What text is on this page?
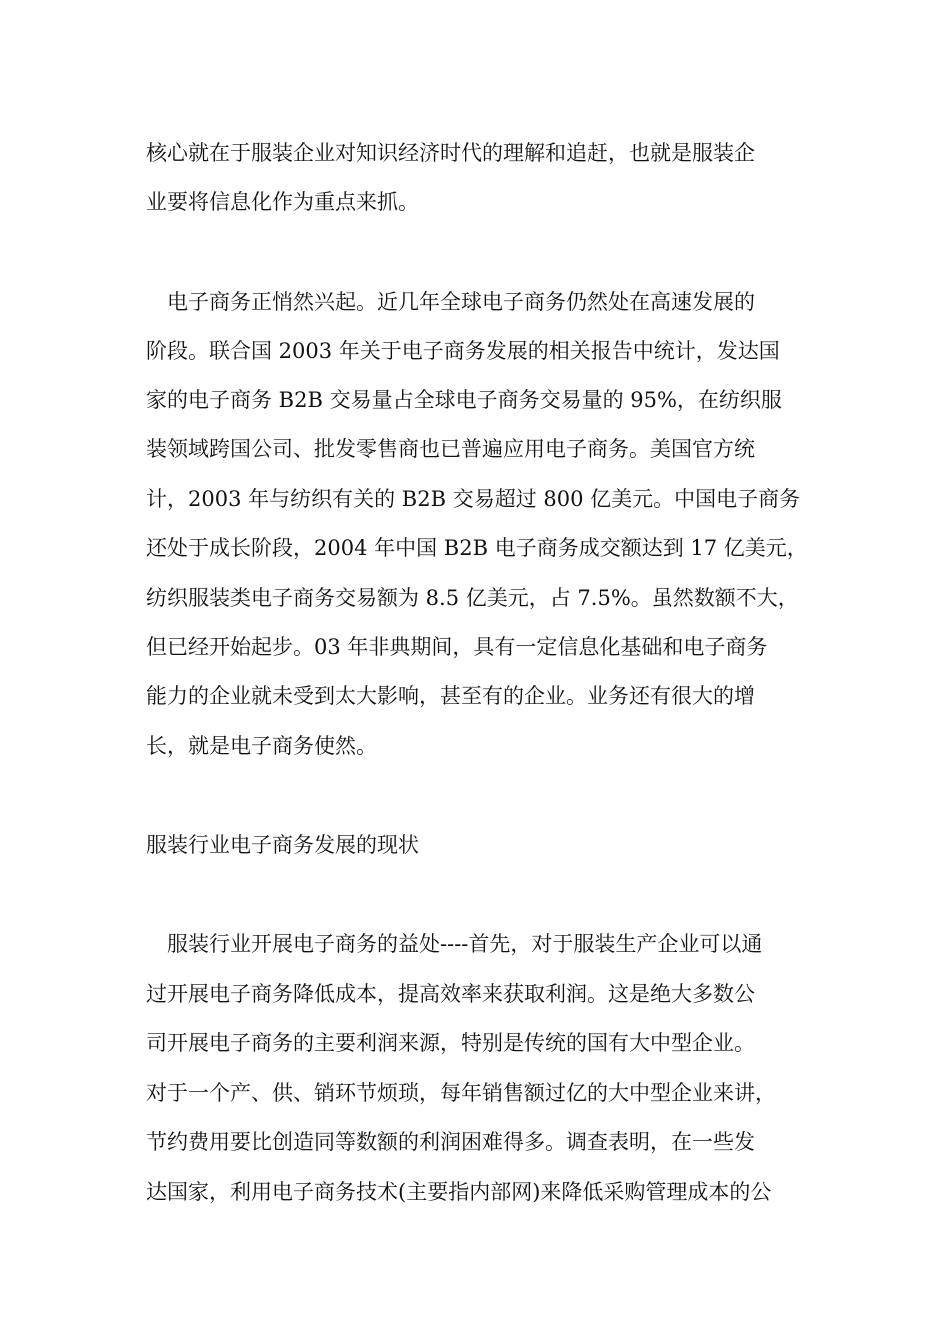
核心就在于服装企业对知识经济时代的理解和追赶，也就是服装企
业要将信息化作为重点来抓。
　电子商务正悄然兴起。近几年全球电子商务仍然处在高速发展的
阶段。联合国 2003 年关于电子商务发展的相关报告中统计，发达国
家的电子商务 B2B 交易量占全球电子商务交易量的 95%，在纺织服
装领域跨国公司、批发零售商也已普遍应用电子商务。美国官方统
计，2003 年与纺织有关的 B2B 交易超过 800 亿美元。中国电子商务
还处于成长阶段，2004 年中国 B2B 电子商务成交额达到 17 亿美元，
纺织服装类电子商务交易额为 8.5 亿美元，占 7.5%。虽然数额不大，
但已经开始起步。03 年非典期间，具有一定信息化基础和电子商务
能力的企业就未受到太大影响，甚至有的企业。业务还有很大的增
长，就是电子商务使然。
服装行业电子商务发展的现状
　服装行业开展电子商务的益处----首先，对于服装生产企业可以通
过开展电子商务降低成本，提高效率来获取利润。这是绝大多数公
司开展电子商务的主要利润来源，特别是传统的国有大中型企业。
对于一个产、供、销环节烦琐，每年销售额过亿的大中型企业来讲，
节约费用要比创造同等数额的利润困难得多。调查表明，在一些发
达国家，利用电子商务技术(主要指内部网)来降低采购管理成本的公
